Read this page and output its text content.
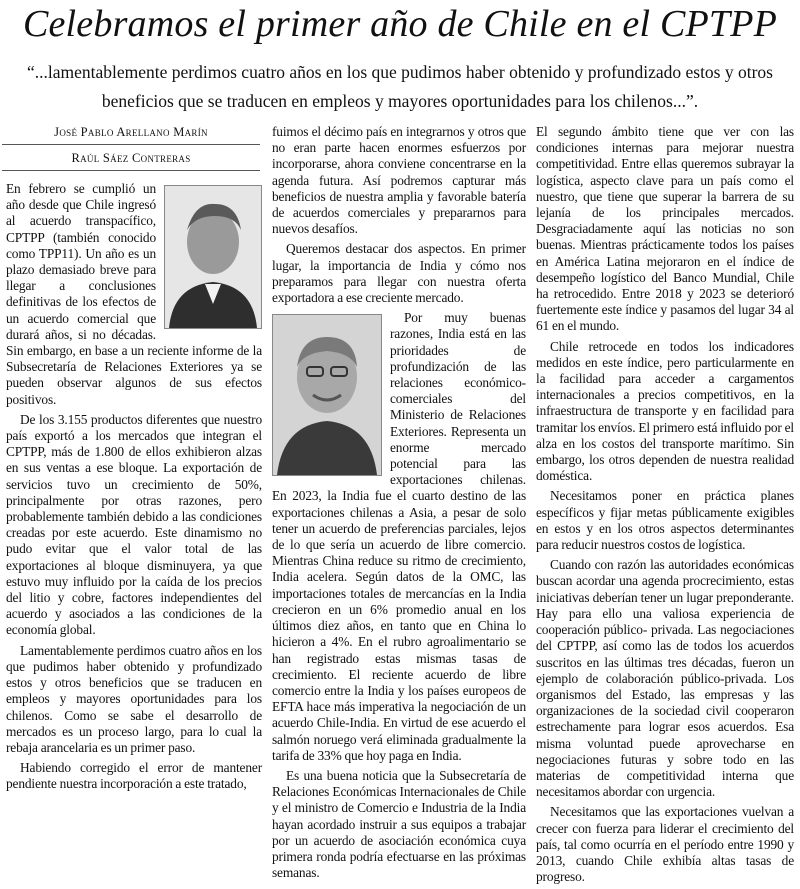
Celebramos el primer año de Chile en el CPTPP

“...lamentablemente perdimos cuatro años en los que pudimos haber obtenido y profundizado estos y otros beneficios que se traducen en empleos y mayores oportunidades para los chilenos...”.

José Pablo Arellano Marín
Raúl Sáez Contreras

En febrero se cumplió un año desde que Chile ingresó al acuerdo transpacífico, CPTPP (también conocido como TPP11). Un año es un plazo demasiado breve para llegar a conclusiones definitivas de los efectos de un acuerdo comercial que durará años, si no décadas. Sin embargo, en base a un reciente informe de la Subsecretaría de Relaciones Exteriores ya se pueden observar algunos de sus efectos positivos.

De los 3.155 productos diferentes que nuestro país exportó a los mercados que integran el CPTPP, más de 1.800 de ellos exhibieron alzas en sus ventas a ese bloque. La exportación de servicios tuvo un crecimiento de 50%, principalmente por otras razones, pero probablemente también debido a las condiciones creadas por este acuerdo. Este dinamismo no pudo evitar que el valor total de las exportaciones al bloque disminuyera, ya que estuvo muy influido por la caída de los precios del litio y cobre, factores independientes del acuerdo y asociados a las condiciones de la economía global.

Lamentablemente perdimos cuatro años en los que pudimos haber obtenido y profundizado estos y otros beneficios que se traducen en empleos y mayores oportunidades para los chilenos. Como se sabe el desarrollo de mercados es un proceso largo, para lo cual la rebaja arancelaria es un primer paso.

Habiendo corregido el error de mantener pendiente nuestra incorporación a este tratado,

fuimos el décimo país en integrarnos y otros que no eran parte hacen enormes esfuerzos por incorporarse, ahora conviene concentrarse en la agenda futura. Así podremos capturar más beneficios de nuestra amplia y favorable batería de acuerdos comerciales y prepararnos para nuevos desafíos.

Queremos destacar dos aspectos. En primer lugar, la importancia de India y cómo nos preparamos para llegar con nuestra oferta exportadora a ese creciente mercado.

Por muy buenas razones, India está en las prioridades de profundización de las relaciones económico-comerciales del Ministerio de Relaciones Exteriores. Representa un enorme mercado potencial para las exportaciones chilenas. En 2023, la India fue el cuarto destino de las exportaciones chilenas a Asia, a pesar de solo tener un acuerdo de preferencias parciales, lejos de lo que sería un acuerdo de libre comercio. Mientras China reduce su ritmo de crecimiento, India acelera. Según datos de la OMC, las importaciones totales de mercancías en la India crecieron en un 6% promedio anual en los últimos diez años, en tanto que en China lo hicieron a 4%. En el rubro agroalimentario se han registrado estas mismas tasas de crecimiento. El reciente acuerdo de libre comercio entre la India y los países europeos de EFTA hace más imperativa la negociación de un acuerdo Chile-India. En virtud de ese acuerdo el salmón noruego verá eliminada gradualmente la tarifa de 33% que hoy paga en India.

Es una buena noticia que la Subsecretaría de Relaciones Económicas Internacionales de Chile y el ministro de Comercio e Industria de la India hayan acordado instruir a sus equipos a trabajar por un acuerdo de asociación económica cuya primera ronda podría efectuarse en las próximas semanas.

El segundo ámbito tiene que ver con las condiciones internas para mejorar nuestra competitividad. Entre ellas queremos subrayar la logística, aspecto clave para un país como el nuestro, que tiene que superar la barrera de su lejanía de los principales mercados. Desgraciadamente aquí las noticias no son buenas. Mientras prácticamente todos los países en América Latina mejoraron en el índice de desempeño logístico del Banco Mundial, Chile ha retrocedido. Entre 2018 y 2023 se deterioró fuertemente este índice y pasamos del lugar 34 al 61 en el mundo.

Chile retrocede en todos los indicadores medidos en este índice, pero particularmente en la facilidad para acceder a cargamentos internacionales a precios competitivos, en la infraestructura de transporte y en facilidad para tramitar los envíos. El primero está influido por el alza en los costos del transporte marítimo. Sin embargo, los otros dependen de nuestra realidad doméstica.

Necesitamos poner en práctica planes específicos y fijar metas públicamente exigibles en estos y en los otros aspectos determinantes para reducir nuestros costos de logística.

Cuando con razón las autoridades económicas buscan acordar una agenda procrecimiento, estas iniciativas deberían tener un lugar preponderante. Hay para ello una valiosa experiencia de cooperación público- privada. Las negociaciones del CPTPP, así como las de todos los acuerdos suscritos en las últimas tres décadas, fueron un ejemplo de colaboración público-privada. Los organismos del Estado, las empresas y las organizaciones de la sociedad civil cooperaron estrechamente para lograr esos acuerdos. Esa misma voluntad puede aprovecharse en negociaciones futuras y sobre todo en las materias de competitividad interna que necesitamos abordar con urgencia.

Necesitamos que las exportaciones vuelvan a crecer con fuerza para liderar el crecimiento del país, tal como ocurría en el período entre 1990 y 2013, cuando Chile exhibía altas tasas de progreso.
